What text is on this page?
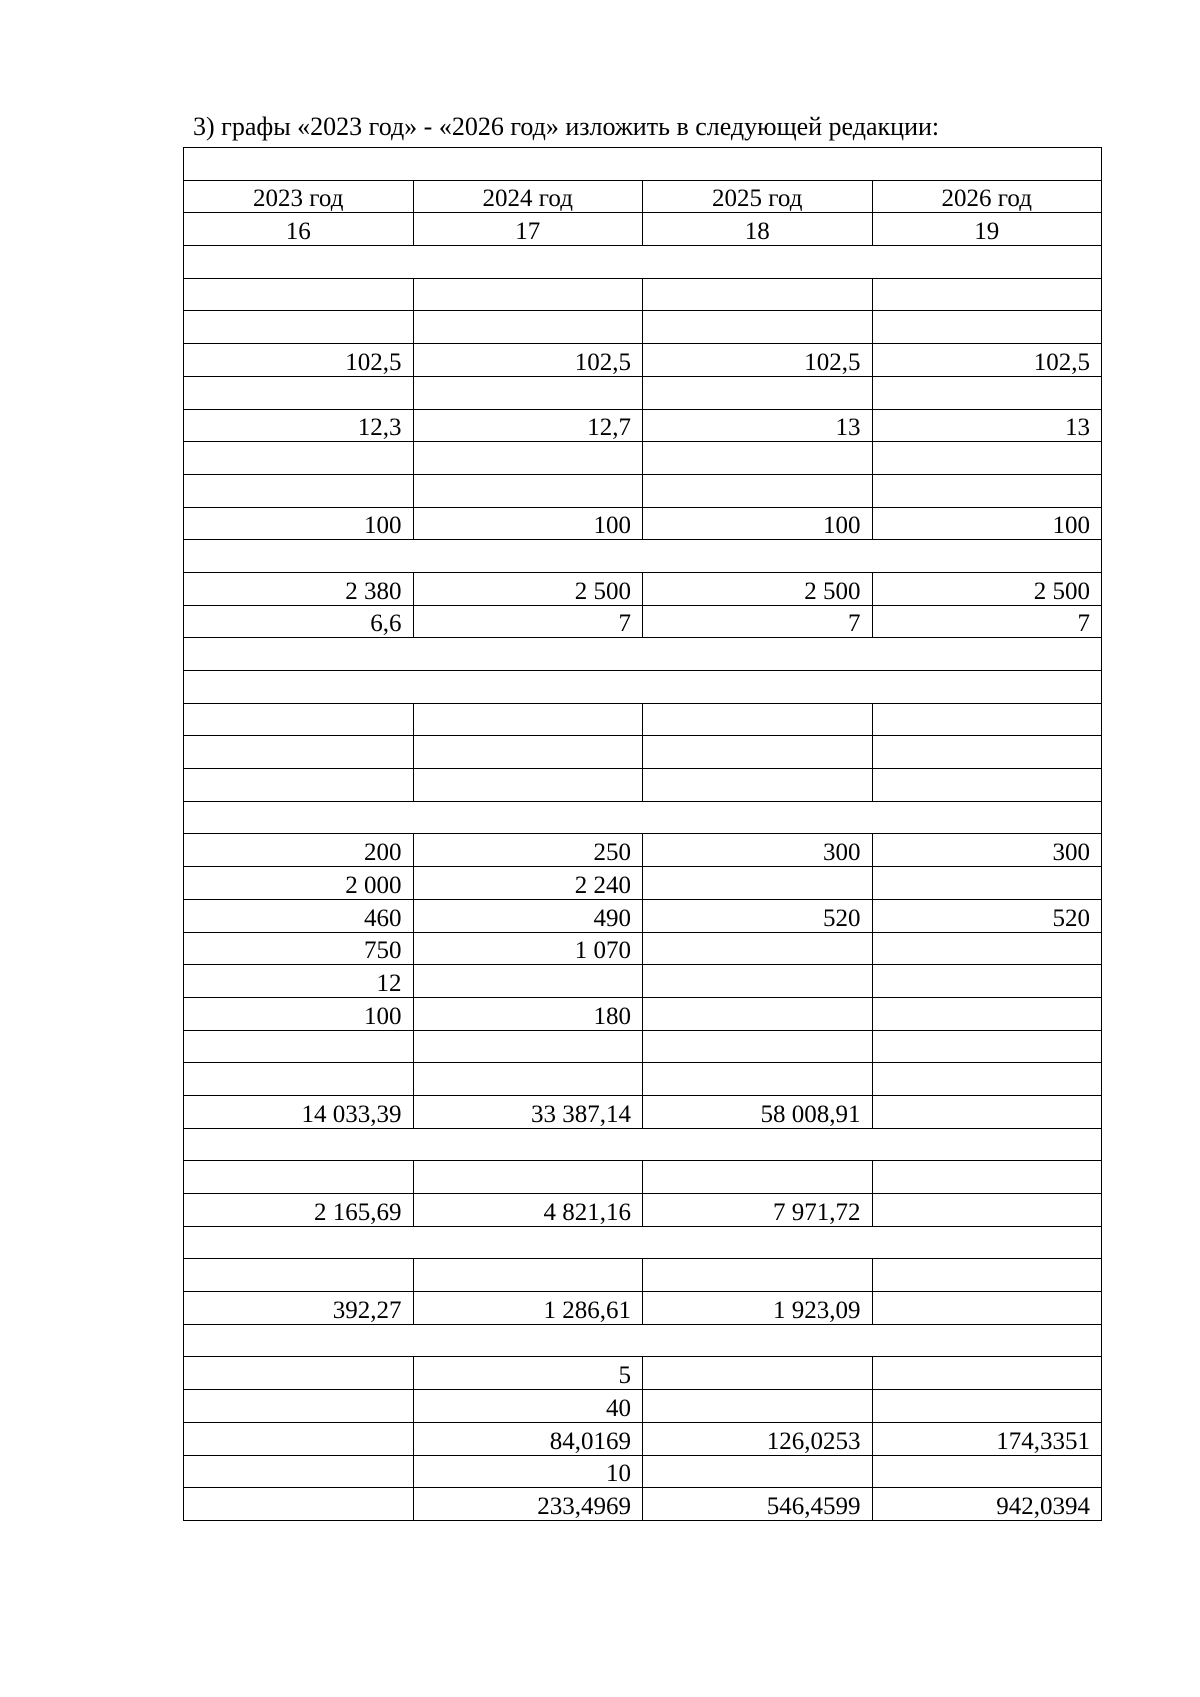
3) графы «2023 год» - «2026 год» изложить в следующей редакции:

2023 год	2024 год	2025 год	2026 год
16	17	18	19

102,5	102,5	102,5	102,5

12,3	12,7	13	13

100	100	100	100

2 380	2 500	2 500	2 500
6,6	7	7	7

200	250	300	300
2 000	2 240		
460	490	520	520
750	1 070		
12			
100	180		

14 033,39	33 387,14	58 008,91	

2 165,69	4 821,16	7 971,72	

392,27	1 286,61	1 923,09	

	5		
	40		
	84,0169	126,0253	174,3351
	10		
	233,4969	546,4599	942,0394
